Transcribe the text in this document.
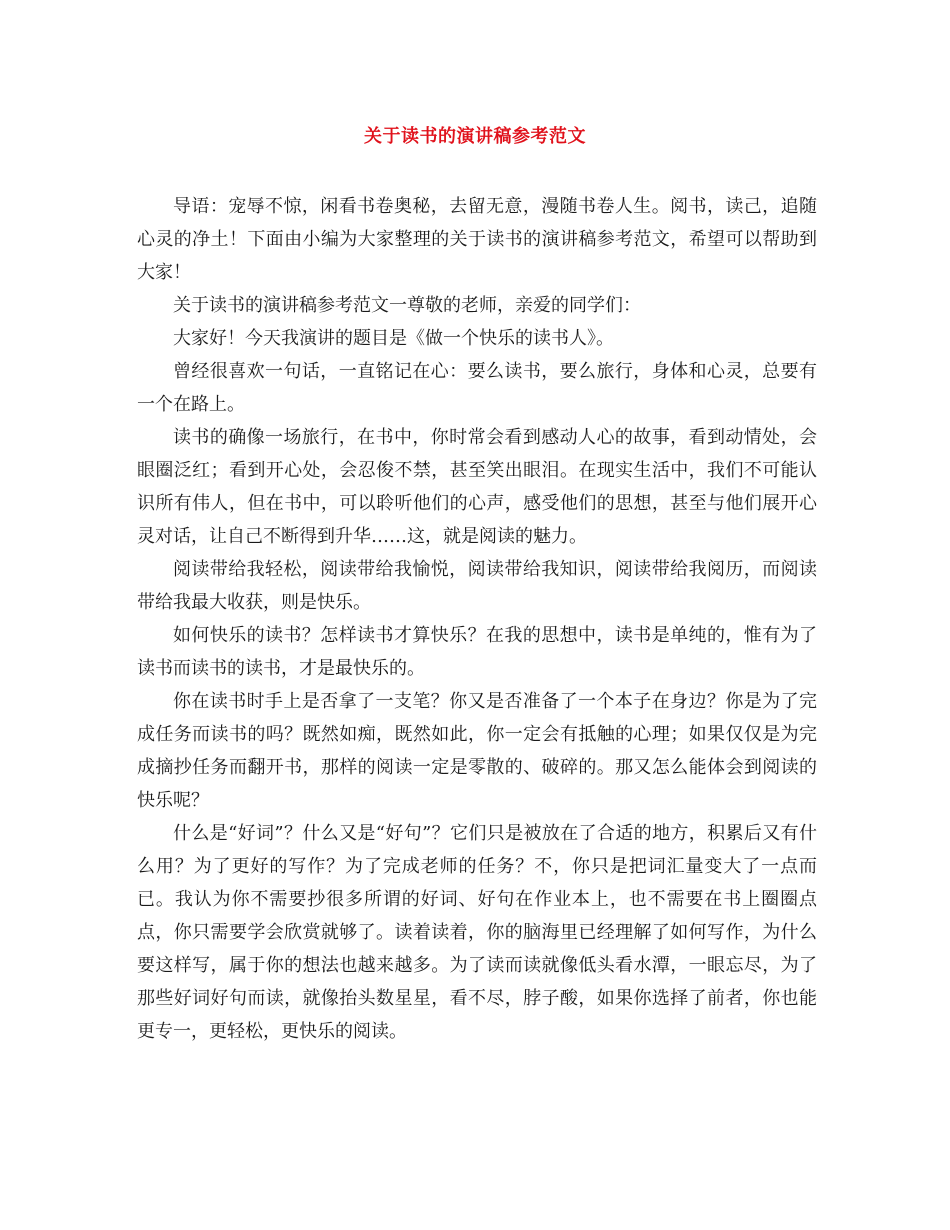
关于读书的演讲稿参考范文

导语：宠辱不惊，闲看书卷奥秘，去留无意，漫随书卷人生。阅书，读己，追随心灵的净土！下面由小编为大家整理的关于读书的演讲稿参考范文，希望可以帮助到大家！

关于读书的演讲稿参考范文一尊敬的老师，亲爱的同学们：

大家好！今天我演讲的题目是《做一个快乐的读书人》。

曾经很喜欢一句话，一直铭记在心：要么读书，要么旅行，身体和心灵，总要有一个在路上。

读书的确像一场旅行，在书中，你时常会看到感动人心的故事，看到动情处，会眼圈泛红；看到开心处，会忍俊不禁，甚至笑出眼泪。在现实生活中，我们不可能认识所有伟人，但在书中，可以聆听他们的心声，感受他们的思想，甚至与他们展开心灵对话，让自己不断得到升华……这，就是阅读的魅力。

阅读带给我轻松，阅读带给我愉悦，阅读带给我知识，阅读带给我阅历，而阅读带给我最大收获，则是快乐。

如何快乐的读书？怎样读书才算快乐？在我的思想中，读书是单纯的，惟有为了读书而读书的读书，才是最快乐的。

你在读书时手上是否拿了一支笔？你又是否准备了一个本子在身边？你是为了完成任务而读书的吗？既然如痴，既然如此，你一定会有抵触的心理；如果仅仅是为完成摘抄任务而翻开书，那样的阅读一定是零散的、破碎的。那又怎么能体会到阅读的快乐呢？

什么是“好词”？什么又是“好句”？它们只是被放在了合适的地方，积累后又有什么用？为了更好的写作？为了完成老师的任务？不，你只是把词汇量变大了一点而已。我认为你不需要抄很多所谓的好词、好句在作业本上，也不需要在书上圈圈点点，你只需要学会欣赏就够了。读着读着，你的脑海里已经理解了如何写作，为什么要这样写，属于你的想法也越来越多。为了读而读就像低头看水潭，一眼忘尽，为了那些好词好句而读，就像抬头数星星，看不尽，脖子酸，如果你选择了前者，你也能更专一，更轻松，更快乐的阅读。
